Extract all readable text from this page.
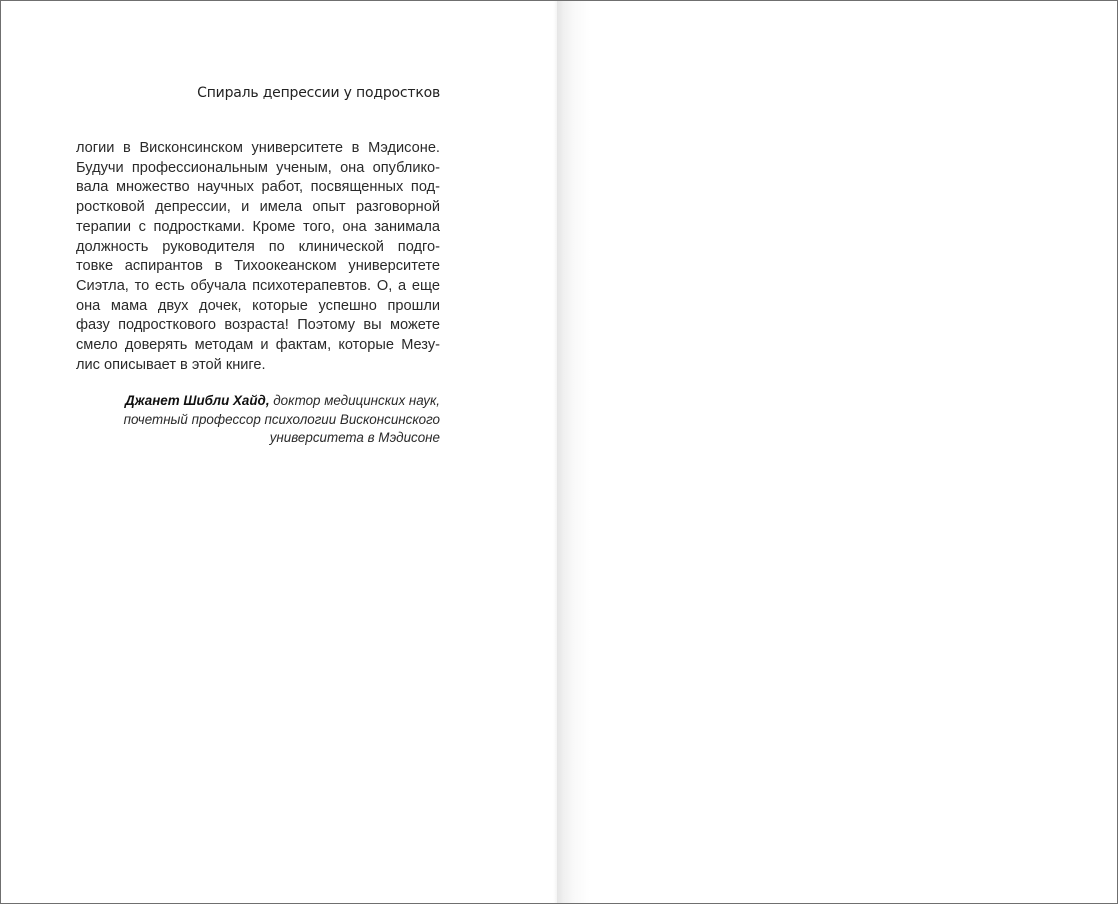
Спираль депрессии у подростков
логии в Висконсинском университете в Мэдисоне.
Будучи профессиональным ученым, она опублико-
вала множество научных работ, посвященных под-
ростковой депрессии, и имела опыт разговорной
терапии с подростками. Кроме того, она занимала
должность руководителя по клинической подго-
товке аспирантов в Тихоокеанском университете
Сиэтла, то есть обучала психотерапевтов. О, а еще
она мама двух дочек, которые успешно прошли
фазу подросткового возраста! Поэтому вы можете
смело доверять методам и фактам, которые Мезу-
лис описывает в этой книге.
Джанет Шибли Хайд, доктор медицинских наук,
почетный профессор психологии Висконсинского
университета в Мэдисоне
